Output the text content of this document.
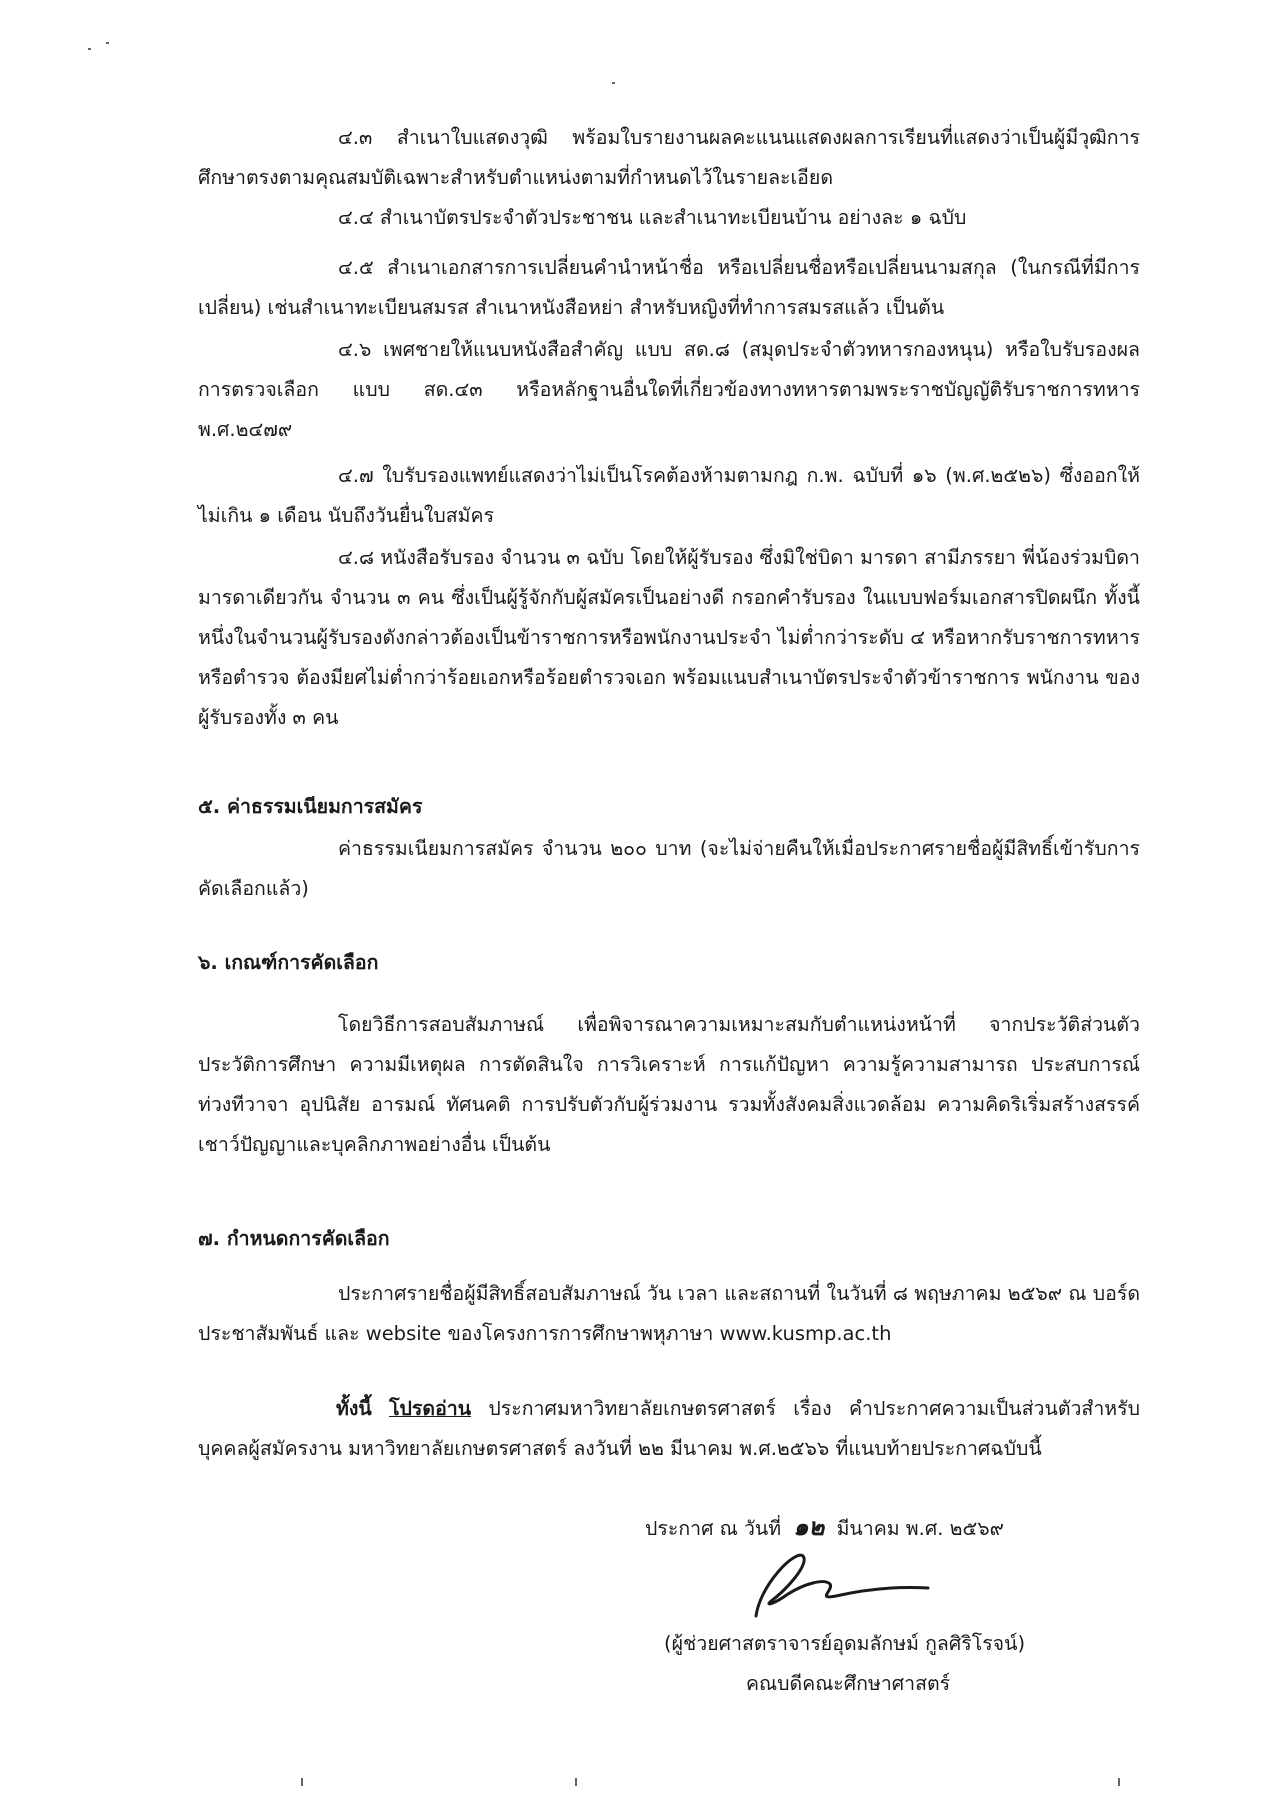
๔.๓ สำเนาใบแสดงวุฒิ พร้อมใบรายงานผลคะแนนแสดงผลการเรียนที่แสดงว่าเป็นผู้มีวุฒิการศึกษาตรงตามคุณสมบัติเฉพาะสำหรับตำแหน่งตามที่กำหนดไว้ในรายละเอียด

๔.๔ สำเนาบัตรประจำตัวประชาชน และสำเนาทะเบียนบ้าน อย่างละ ๑ ฉบับ

๔.๕ สำเนาเอกสารการเปลี่ยนคำนำหน้าชื่อ หรือเปลี่ยนชื่อหรือเปลี่ยนนามสกุล (ในกรณีที่มีการเปลี่ยน) เช่นสำเนาทะเบียนสมรส สำเนาหนังสือหย่า สำหรับหญิงที่ทำการสมรสแล้ว เป็นต้น

๔.๖ เพศชายให้แนบหนังสือสำคัญ แบบ สด.๘ (สมุดประจำตัวทหารกองหนุน) หรือใบรับรองผลการตรวจเลือก แบบ สด.๔๓ หรือหลักฐานอื่นใดที่เกี่ยวข้องทางทหารตามพระราชบัญญัติรับราชการทหาร พ.ศ.๒๔๗๙

๔.๗ ใบรับรองแพทย์แสดงว่าไม่เป็นโรคต้องห้ามตามกฎ ก.พ. ฉบับที่ ๑๖ (พ.ศ.๒๕๒๖) ซึ่งออกให้ไม่เกิน ๑ เดือน นับถึงวันยื่นใบสมัคร

๔.๘ หนังสือรับรอง จำนวน ๓ ฉบับ โดยให้ผู้รับรอง ซึ่งมิใช่บิดา มารดา สามีภรรยา พี่น้องร่วมบิดามารดาเดียวกัน จำนวน ๓ คน ซึ่งเป็นผู้รู้จักกับผู้สมัครเป็นอย่างดี กรอกคำรับรอง ในแบบฟอร์มเอกสารปิดผนึก ทั้งนี้หนึ่งในจำนวนผู้รับรองดังกล่าวต้องเป็นข้าราชการหรือพนักงานประจำ ไม่ต่ำกว่าระดับ ๔ หรือหากรับราชการทหารหรือตำรวจ ต้องมียศไม่ต่ำกว่าร้อยเอกหรือร้อยตำรวจเอก พร้อมแนบสำเนาบัตรประจำตัวข้าราชการ พนักงาน ของผู้รับรองทั้ง ๓ คน

๕. ค่าธรรมเนียมการสมัคร

ค่าธรรมเนียมการสมัคร จำนวน ๒๐๐ บาท (จะไม่จ่ายคืนให้เมื่อประกาศรายชื่อผู้มีสิทธิ์เข้ารับการคัดเลือกแล้ว)

๖. เกณฑ์การคัดเลือก

โดยวิธีการสอบสัมภาษณ์ เพื่อพิจารณาความเหมาะสมกับตำแหน่งหน้าที่ จากประวัติส่วนตัว ประวัติการศึกษา ความมีเหตุผล การตัดสินใจ การวิเคราะห์ การแก้ปัญหา ความรู้ความสามารถ ประสบการณ์ ท่วงทีวาจา อุปนิสัย อารมณ์ ทัศนคติ การปรับตัวกับผู้ร่วมงาน รวมทั้งสังคมสิ่งแวดล้อม ความคิดริเริ่มสร้างสรรค์ เชาว์ปัญญาและบุคลิกภาพอย่างอื่น เป็นต้น

๗. กำหนดการคัดเลือก

ประกาศรายชื่อผู้มีสิทธิ์สอบสัมภาษณ์ วัน เวลา และสถานที่ ในวันที่ ๘ พฤษภาคม ๒๕๖๙ ณ บอร์ดประชาสัมพันธ์ และ website ของโครงการการศึกษาพหุภาษา www.kusmp.ac.th

ทั้งนี้ โปรดอ่าน ประกาศมหาวิทยาลัยเกษตรศาสตร์ เรื่อง คำประกาศความเป็นส่วนตัวสำหรับบุคคลผู้สมัครงาน มหาวิทยาลัยเกษตรศาสตร์ ลงวันที่ ๒๒ มีนาคม พ.ศ.๒๕๖๖ ที่แนบท้ายประกาศฉบับนี้

ประกาศ ณ วันที่ ๑๒ มีนาคม พ.ศ. ๒๕๖๙
(ผู้ช่วยศาสตราจารย์อุดมลักษม์ กูลศิริโรจน์)
คณบดีคณะศึกษาศาสตร์
